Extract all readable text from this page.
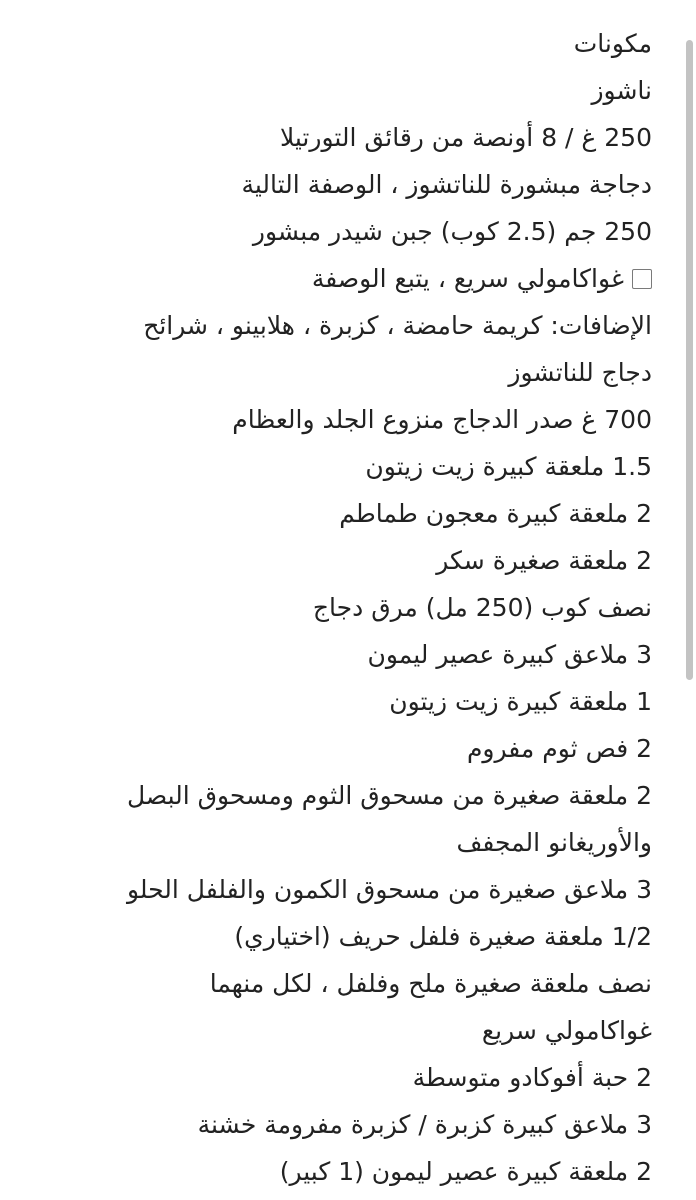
مكونات
ناشوز
250 غ / 8 أونصة من رقائق التورتيلا
دجاجة مبشورة للناتشوز ، الوصفة التالية
250 جم (2.5 كوب) جبن شيدر مبشور
غواكامولي سريع ، يتبع الوصفة
الإضافات: كريمة حامضة ، كزبرة ، هلابينو ، شرائح
دجاج للناتشوز
700 غ صدر الدجاج منزوع الجلد والعظام
1.5 ملعقة كبيرة زيت زيتون
2 ملعقة كبيرة معجون طماطم
2 ملعقة صغيرة سكر
نصف كوب (250 مل) مرق دجاج
3 ملاعق كبيرة عصير ليمون
1 ملعقة كبيرة زيت زيتون
2 فص ثوم مفروم
2 ملعقة صغيرة من مسحوق الثوم ومسحوق البصل
والأوريغانو المجفف
3 ملاعق صغيرة من مسحوق الكمون والفلفل الحلو
1/2 ملعقة صغيرة فلفل حريف (اختياري)
نصف ملعقة صغيرة ملح وفلفل ، لكل منهما
غواكامولي سريع
2 حبة أفوكادو متوسطة
3 ملاعق كبيرة كزبرة / كزبرة مفرومة خشنة
2 ملعقة كبيرة عصير ليمون (1 كبير)
